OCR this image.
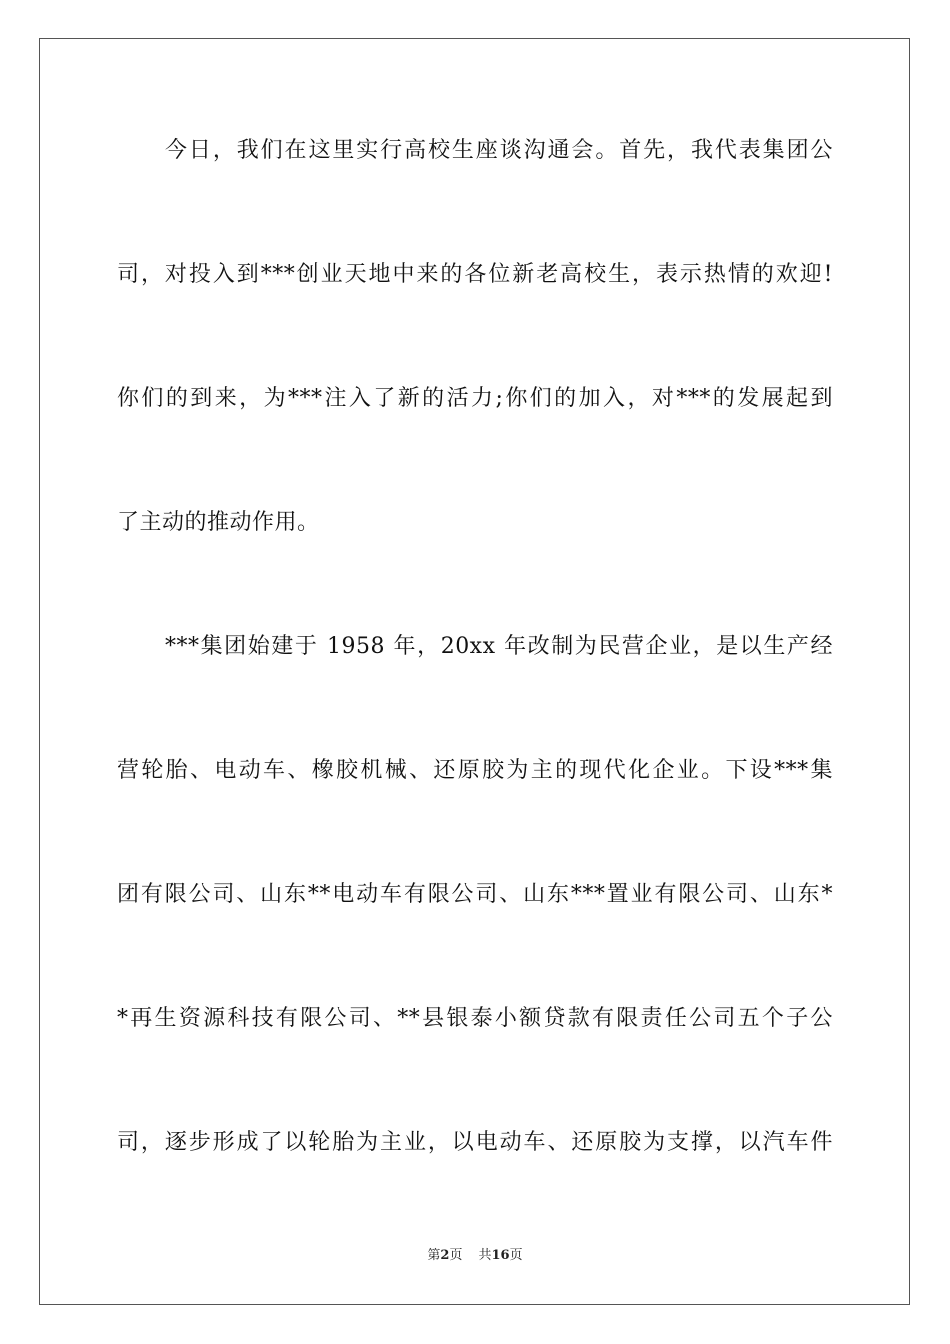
今日，我们在这里实行高校生座谈沟通会。首先，我代表集团公
司，对投入到***创业天地中来的各位新老高校生，表示热情的欢迎!
你们的到来，为***注入了新的活力;你们的加入，对***的发展起到
了主动的推动作用。
***集团始建于 1958 年，20xx 年改制为民营企业，是以生产经
营轮胎、电动车、橡胶机械、还原胶为主的现代化企业。下设***集
团有限公司、山东**电动车有限公司、山东***置业有限公司、山东*
*再生资源科技有限公司、**县银泰小额贷款有限责任公司五个子公
司，逐步形成了以轮胎为主业，以电动车、还原胶为支撑，以汽车件
第2页 共16页
